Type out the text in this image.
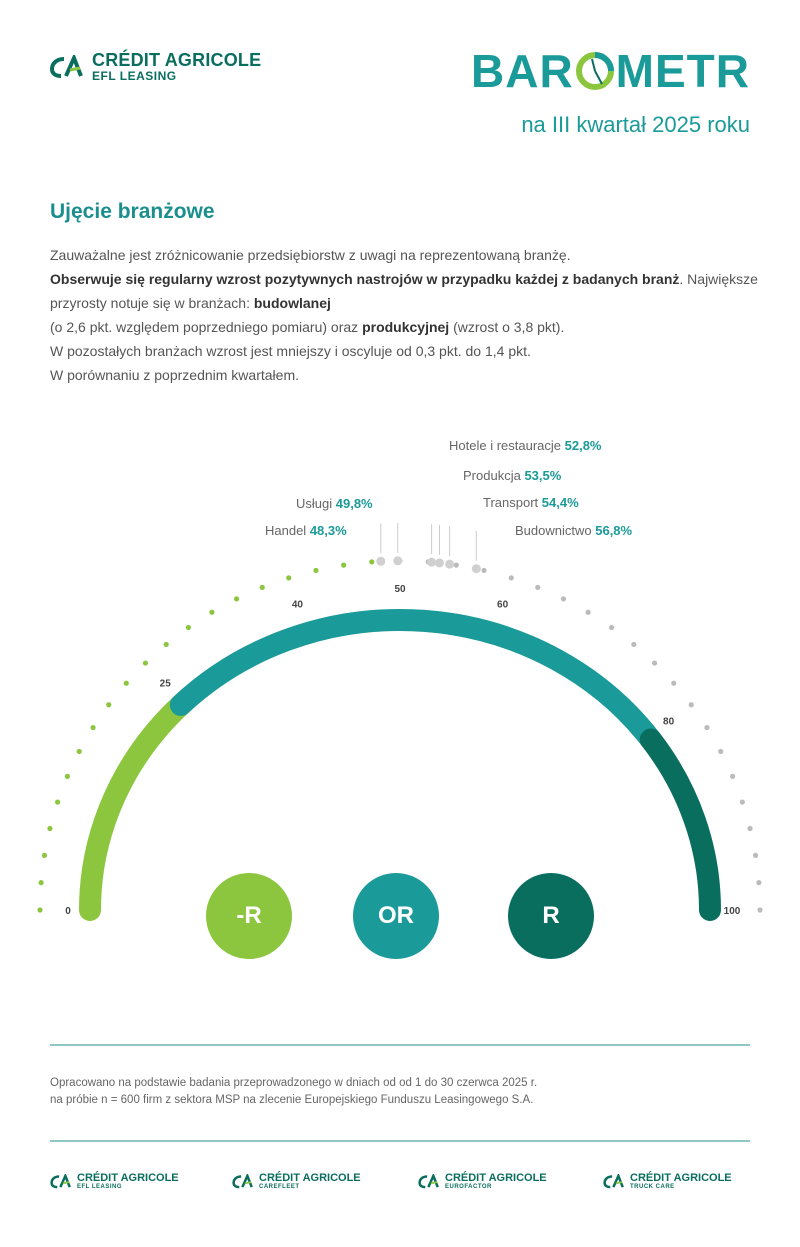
CRÉDIT AGRICOLE
EFL LEASING	BAR METR
na III kwartał 2025 roku
Ujęcie branżowe
Zauważalne jest zróżnicowanie przedsiębiorstw z uwagi na reprezentowaną branżę.
Obserwuje się regularny wzrost pozytywnych nastrojów w przypadku każdej z badanych branż. Największe przyrosty notuje się w branżach: budowlanej
(o 2,6 pkt. względem poprzedniego pomiaru) oraz produkcyjnej (wzrost o 3,8 pkt).
W pozostałych branżach wzrost jest mniejszy i oscyluje od 0,3 pkt. do 1,4 pkt.
W porównaniu z poprzednim kwartałem.
0
25
40
50
60
80
100
Handel 48,3%
Usługi 49,8%
Hotele i restauracje 52,8%
Produkcja 53,5%
Transport 54,4%
Budownictwo 56,8%
-R	OR	R
Opracowano na podstawie badania przeprowadzonego w dniach od od 1 do 30 czerwca 2025 r.
na próbie n = 600 firm z sektora MSP na zlecenie Europejskiego Funduszu Leasingowego S.A.
CRÉDIT AGRICOLE
EFL LEASING
CRÉDIT AGRICOLE
CAREFLEET
CRÉDIT AGRICOLE
EUROFACTOR
CRÉDIT AGRICOLE
TRUCK CARE
